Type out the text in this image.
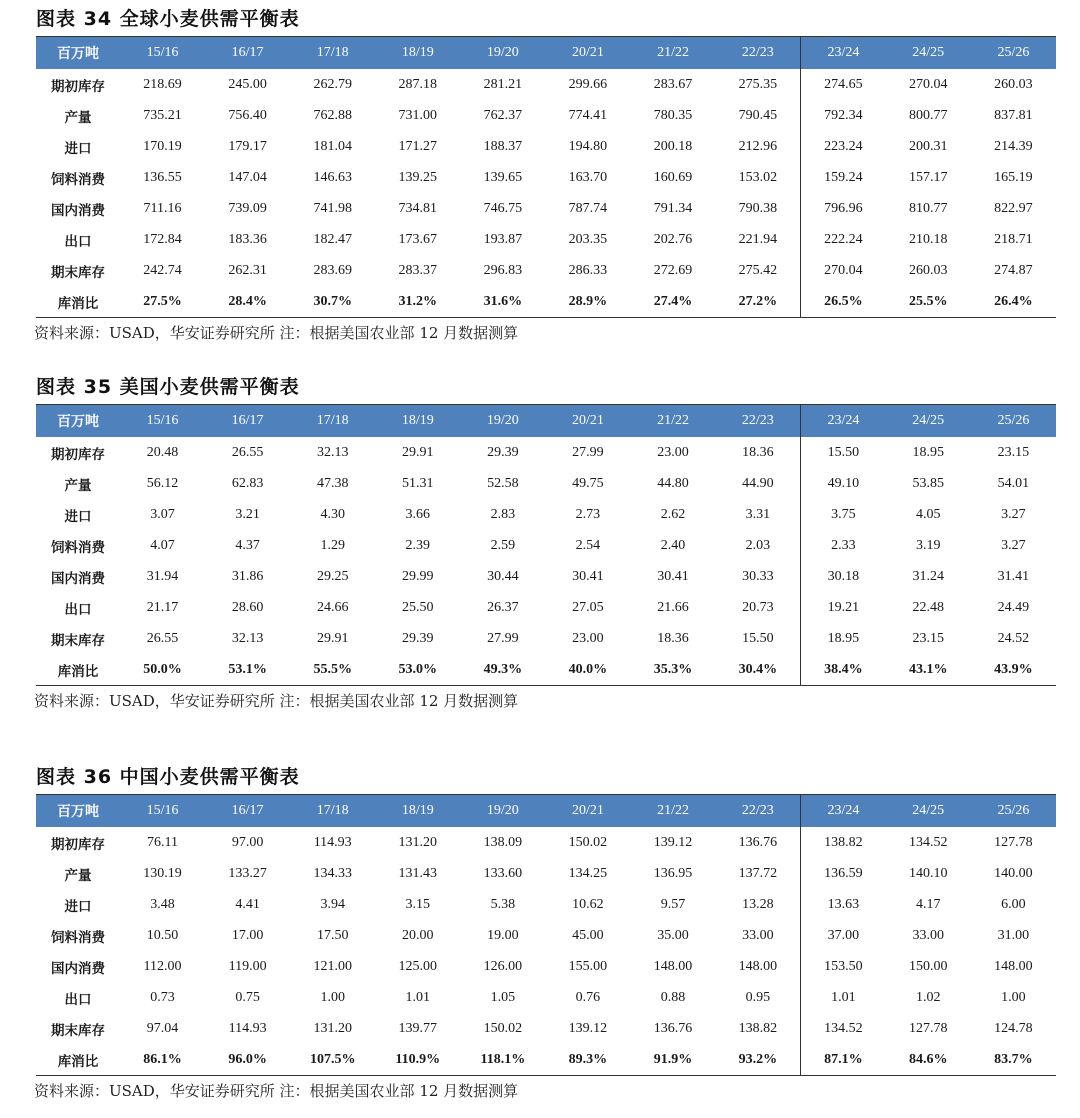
图表 34 全球小麦供需平衡表
百万吨	15/16	16/17	17/18	18/19	19/20	20/21	21/22	22/23	23/24	24/25	25/26
期初库存	218.69	245.00	262.79	287.18	281.21	299.66	283.67	275.35	274.65	270.04	260.03
产量	735.21	756.40	762.88	731.00	762.37	774.41	780.35	790.45	792.34	800.77	837.81
进口	170.19	179.17	181.04	171.27	188.37	194.80	200.18	212.96	223.24	200.31	214.39
饲料消费	136.55	147.04	146.63	139.25	139.65	163.70	160.69	153.02	159.24	157.17	165.19
国内消费	711.16	739.09	741.98	734.81	746.75	787.74	791.34	790.38	796.96	810.77	822.97
出口	172.84	183.36	182.47	173.67	193.87	203.35	202.76	221.94	222.24	210.18	218.71
期末库存	242.74	262.31	283.69	283.37	296.83	286.33	272.69	275.42	270.04	260.03	274.87
库消比	27.5%	28.4%	30.7%	31.2%	31.6%	28.9%	27.4%	27.2%	26.5%	25.5%	26.4%
资料来源：USAD，华安证券研究所 注：根据美国农业部 12 月数据测算
图表 35 美国小麦供需平衡表
百万吨	15/16	16/17	17/18	18/19	19/20	20/21	21/22	22/23	23/24	24/25	25/26
期初库存	20.48	26.55	32.13	29.91	29.39	27.99	23.00	18.36	15.50	18.95	23.15
产量	56.12	62.83	47.38	51.31	52.58	49.75	44.80	44.90	49.10	53.85	54.01
进口	3.07	3.21	4.30	3.66	2.83	2.73	2.62	3.31	3.75	4.05	3.27
饲料消费	4.07	4.37	1.29	2.39	2.59	2.54	2.40	2.03	2.33	3.19	3.27
国内消费	31.94	31.86	29.25	29.99	30.44	30.41	30.41	30.33	30.18	31.24	31.41
出口	21.17	28.60	24.66	25.50	26.37	27.05	21.66	20.73	19.21	22.48	24.49
期末库存	26.55	32.13	29.91	29.39	27.99	23.00	18.36	15.50	18.95	23.15	24.52
库消比	50.0%	53.1%	55.5%	53.0%	49.3%	40.0%	35.3%	30.4%	38.4%	43.1%	43.9%
资料来源：USAD，华安证券研究所 注：根据美国农业部 12 月数据测算
图表 36 中国小麦供需平衡表
百万吨	15/16	16/17	17/18	18/19	19/20	20/21	21/22	22/23	23/24	24/25	25/26
期初库存	76.11	97.00	114.93	131.20	138.09	150.02	139.12	136.76	138.82	134.52	127.78
产量	130.19	133.27	134.33	131.43	133.60	134.25	136.95	137.72	136.59	140.10	140.00
进口	3.48	4.41	3.94	3.15	5.38	10.62	9.57	13.28	13.63	4.17	6.00
饲料消费	10.50	17.00	17.50	20.00	19.00	45.00	35.00	33.00	37.00	33.00	31.00
国内消费	112.00	119.00	121.00	125.00	126.00	155.00	148.00	148.00	153.50	150.00	148.00
出口	0.73	0.75	1.00	1.01	1.05	0.76	0.88	0.95	1.01	1.02	1.00
期末库存	97.04	114.93	131.20	139.77	150.02	139.12	136.76	138.82	134.52	127.78	124.78
库消比	86.1%	96.0%	107.5%	110.9%	118.1%	89.3%	91.9%	93.2%	87.1%	84.6%	83.7%
资料来源：USAD，华安证券研究所 注：根据美国农业部 12 月数据测算
